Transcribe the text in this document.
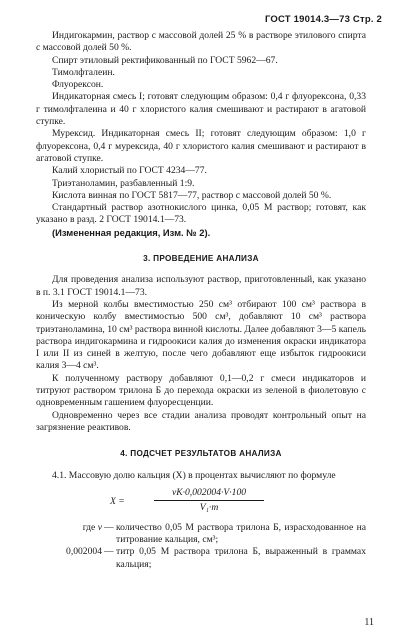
ГОСТ 19014.3—73 Стр. 2

Индигокармин, раствор с массовой долей 25 % в растворе этилового спирта с массовой долей 50 %.

Спирт этиловый ректификованный по ГОСТ 5962—67.

Тимолфталеин.

Флуорексон.

Индикаторная смесь I; готовят следующим образом: 0,4 г флуорексона, 0,33 г тимолфталеина и 40 г хлористого калия смешивают и растирают в агатовой ступке.

Мурексид. Индикаторная смесь II; готовят следующим образом: 1,0 г флуорексона, 0,4 г мурексида, 40 г хлористого калия смешивают и растирают в агатовой ступке.

Калий хлористый по ГОСТ 4234—77.

Триэтаноламин, разбавленный 1:9.

Кислота винная по ГОСТ 5817—77, раствор с массовой долей 50 %.

Стандартный раствор азотнокислого цинка, 0,05 М раствор; готовят, как указано в разд. 2 ГОСТ 19014.1—73.

(Измененная редакция, Изм. № 2).

3. ПРОВЕДЕНИЕ АНАЛИЗА

Для проведения анализа используют раствор, приготовленный, как указано в п. 3.1 ГОСТ 19014.1—73.

Из мерной колбы вместимостью 250 см³ отбирают 100 см³ раствора в коническую колбу вместимостью 500 см³, добавляют 10 см³ раствора триэтаноламина, 10 см³ раствора винной кислоты. Далее добавляют 3—5 капель раствора индигокармина и гидроокиси калия до изменения окраски индикатора I или II из синей в желтую, после чего добавляют еще избыток гидроокиси калия 3—4 см³.

К полученному раствору добавляют 0,1—0,2 г смеси индикаторов и титруют раствором трилона Б до перехода окраски из зеленой в фиолетовую с одновременным гашением флуоресценции.

Одновременно через все стадии анализа проводят контрольный опыт на загрязнение реактивов.

4. ПОДСЧЕТ РЕЗУЛЬТАТОВ АНАЛИЗА

4.1. Массовую долю кальция (X) в процентах вычисляют по формуле

X =
vK·0,002004·V·100
V₁·m
где v — количество 0,05 М раствора трилона Б, израсходованное на титрование кальция, см³;
0,002004 — титр 0,05 М раствора трилона Б, выраженный в граммах кальция;
11
